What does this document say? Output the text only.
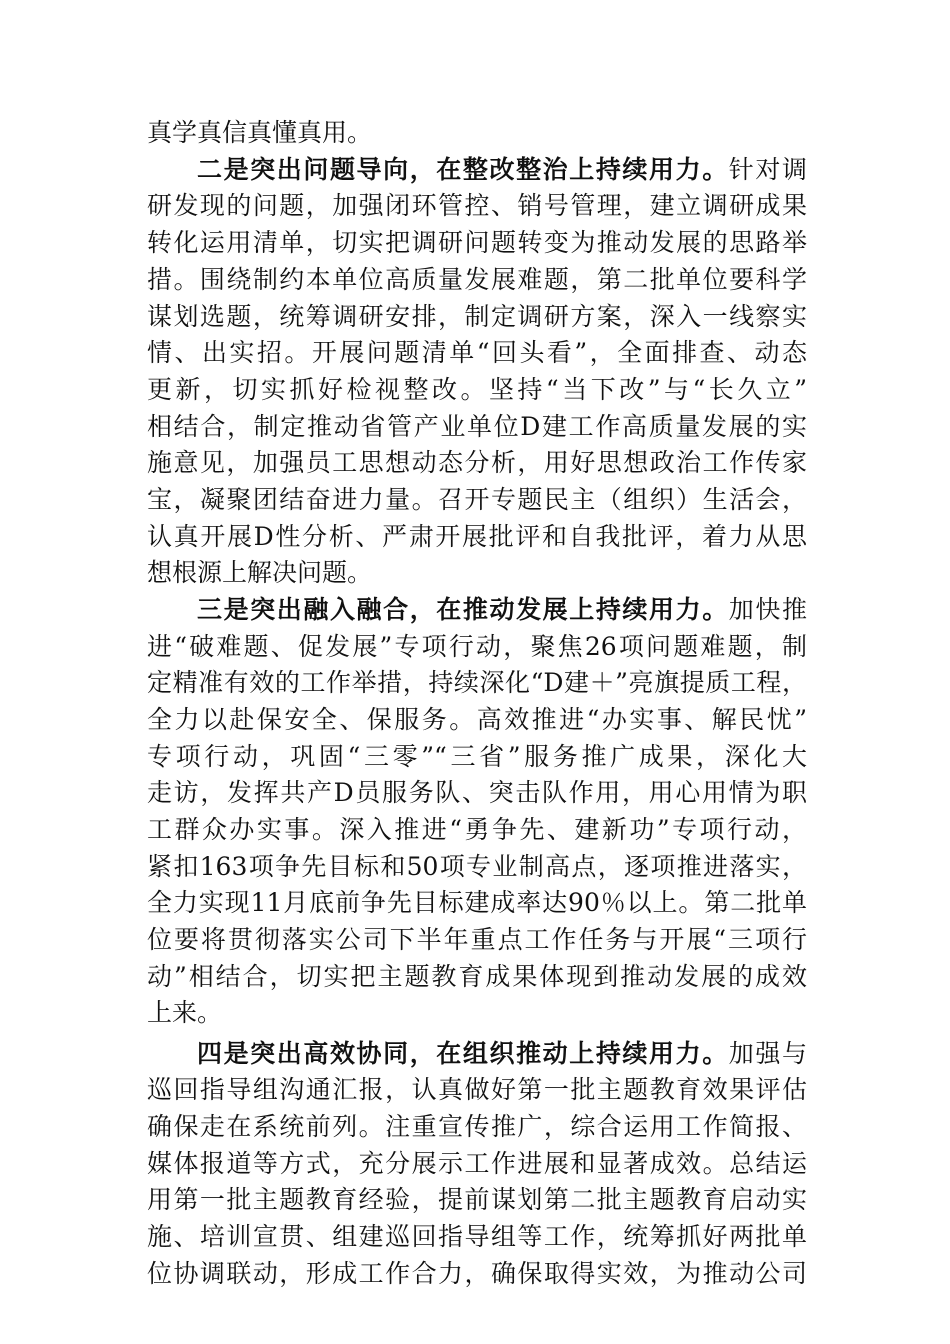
真学真信真懂真用。
二是突出问题导向，在整改整治上持续用力。针对调
研发现的问题，加强闭环管控、销号管理，建立调研成果
转化运用清单，切实把调研问题转变为推动发展的思路举
措。围绕制约本单位高质量发展难题，第二批单位要科学
谋划选题，统筹调研安排，制定调研方案，深入一线察实
情、出实招。开展问题清单“回头看”，全面排查、动态
更新，切实抓好检视整改。坚持“当下改”与“长久立”
相结合，制定推动省管产业单位D建工作高质量发展的实
施意见，加强员工思想动态分析，用好思想政治工作传家
宝，凝聚团结奋进力量。召开专题民主（组织）生活会，
认真开展D性分析、严肃开展批评和自我批评，着力从思
想根源上解决问题。
三是突出融入融合，在推动发展上持续用力。加快推
进“破难题、促发展”专项行动，聚焦26项问题难题，制
定精准有效的工作举措，持续深化“D建＋”亮旗提质工程，
全力以赴保安全、保服务。高效推进“办实事、解民忧”
专项行动，巩固“三零”“三省”服务推广成果，深化大
走访，发挥共产D员服务队、突击队作用，用心用情为职
工群众办实事。深入推进“勇争先、建新功”专项行动，
紧扣163项争先目标和50项专业制高点，逐项推进落实，
全力实现11月底前争先目标建成率达90％以上。第二批单
位要将贯彻落实公司下半年重点工作任务与开展“三项行
动”相结合，切实把主题教育成果体现到推动发展的成效
上来。
四是突出高效协同，在组织推动上持续用力。加强与
巡回指导组沟通汇报，认真做好第一批主题教育效果评估
确保走在系统前列。注重宣传推广，综合运用工作简报、
媒体报道等方式，充分展示工作进展和显著成效。总结运
用第一批主题教育经验，提前谋划第二批主题教育启动实
施、培训宣贯、组建巡回指导组等工作，统筹抓好两批单
位协调联动，形成工作合力，确保取得实效，为推动公司
